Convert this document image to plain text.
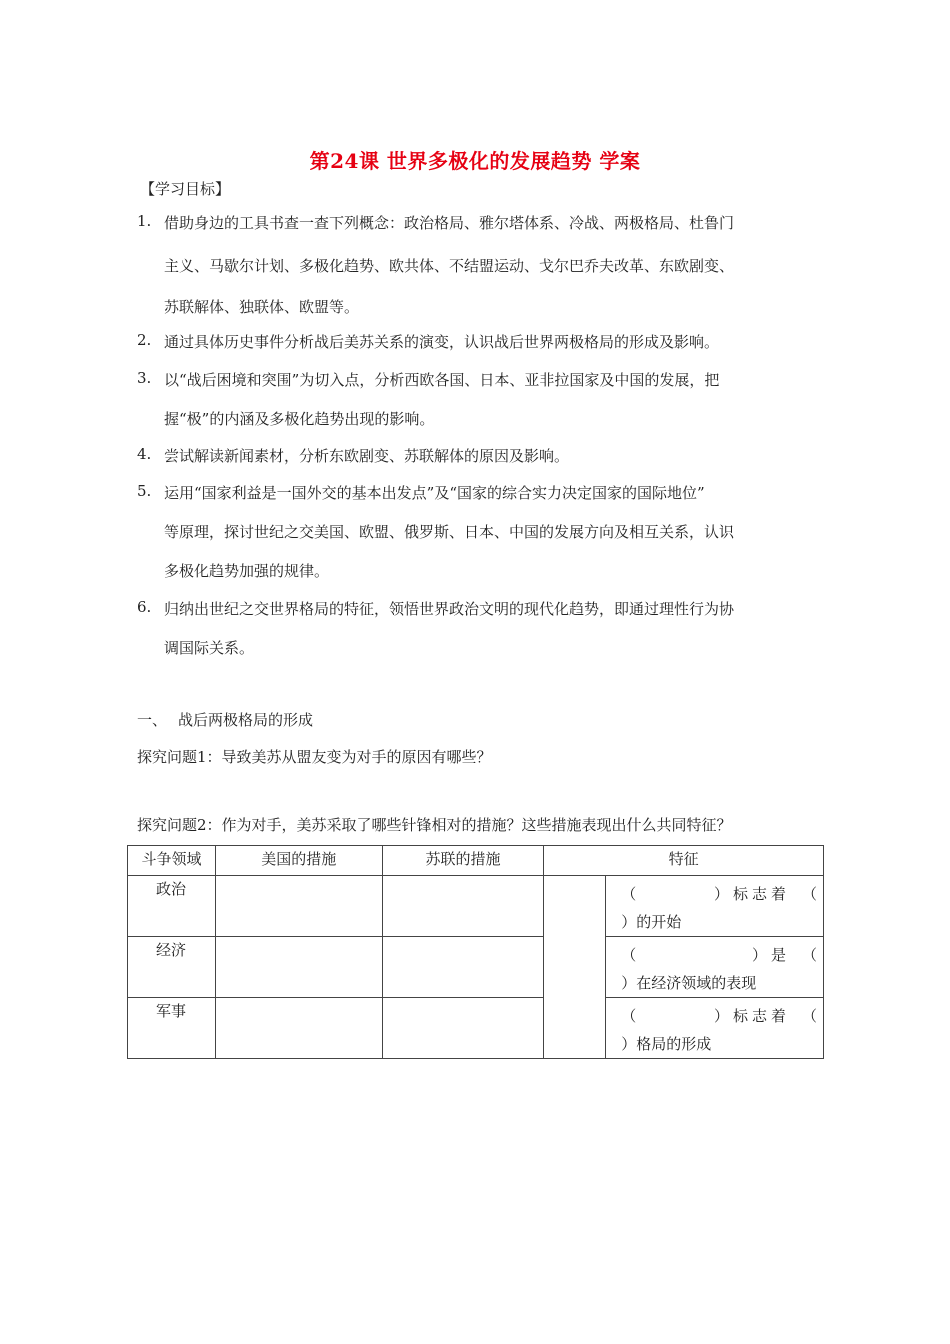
第24课 世界多极化的发展趋势 学案
【学习目标】
1. 借助身边的工具书查一查下列概念：政治格局、雅尔塔体系、冷战、两极格局、杜鲁门
主义、马歇尔计划、多极化趋势、欧共体、不结盟运动、戈尔巴乔夫改革、东欧剧变、
苏联解体、独联体、欧盟等。
2. 通过具体历史事件分析战后美苏关系的演变，认识战后世界两极格局的形成及影响。
3. 以“战后困境和突围”为切入点，分析西欧各国、日本、亚非拉国家及中国的发展，把
握“极”的内涵及多极化趋势出现的影响。
4. 尝试解读新闻素材，分析东欧剧变、苏联解体的原因及影响。
5. 运用“国家利益是一国外交的基本出发点”及“国家的综合实力决定国家的国际地位”
等原理，探讨世纪之交美国、欧盟、俄罗斯、日本、中国的发展方向及相互关系，认识
多极化趋势加强的规律。
6. 归纳出世纪之交世界格局的特征，领悟世界政治文明的现代化趋势，即通过理性行为协
调国际关系。
一、 战后两极格局的形成
探究问题1：导致美苏从盟友变为对手的原因有哪些？
探究问题2：作为对手，美苏采取了哪些针锋相对的措施？这些措施表现出什么共同特征？
斗争领域	美国的措施	苏联的措施	特征	

政治				（ ）标志着 （
）的开始

经济				（ ）是 （
）在经济领域的表现

军事				（ ）标志着 （
）格局的形成
